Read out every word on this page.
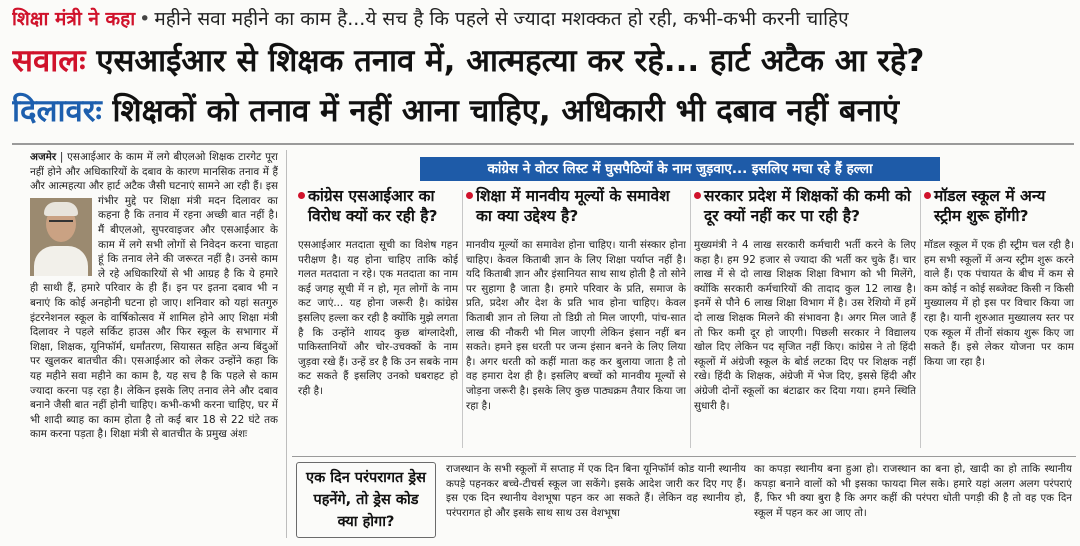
शिक्षा मंत्री ने कहा • महीने सवा महीने का काम है...ये सच है कि पहले से ज्यादा मशक्कत हो रही, कभी-कभी करनी चाहिए
सवालः एसआईआर से शिक्षक तनाव में, आत्महत्या कर रहे... हार्ट अटैक आ रहे?
दिलावरः शिक्षकों को तनाव में नहीं आना चाहिए, अधिकारी भी दबाव नहीं बनाएं
अजमेर | एसआईआर के काम में लगे बीएलओ शिक्षक टारगेट पूरा नहीं होने और अधिकारियों के दबाव के कारण मानसिक तनाव में हैं और आत्महत्या और हार्ट अटैक जैसी घटनाएं सामने आ रही हैं। इस गंभीर मुद्दे पर शिक्षा मंत्री मदन दिलावर का कहना है कि तनाव में रहना अच्छी बात नहीं है। मैं बीएलओ, सुपरवाइजर और एसआईआर के काम में लगे सभी लोगों से निवेदन करना चाहता हूं कि तनाव लेने की जरूरत नहीं है। उनसे काम ले रहे अधिकारियों से भी आग्रह है कि ये हमारे ही साथी हैं, हमारे परिवार के ही हैं। इन पर इतना दबाव भी न बनाएं कि कोई अनहोनी घटना हो जाए। शनिवार को यहां सतगुरु इंटरनेशनल स्कूल के वार्षिकोत्सव में शामिल होने आए शिक्षा मंत्री दिलावर ने पहले सर्किट हाउस और फिर स्कूल के सभागार में शिक्षा, शिक्षक, यूनिफॉर्म, धर्मांतरण, सियासत सहित अन्य बिंदुओं पर खुलकर बातचीत की। एसआईआर को लेकर उन्होंने कहा कि यह महीने सवा महीने का काम है, यह सच है कि पहले से काम ज्यादा करना पड़ रहा है। लेकिन इसके लिए तनाव लेने और दबाव बनाने जैसी बात नहीं होनी चाहिए। कभी-कभी करना चाहिए, घर में भी शादी ब्याह का काम होता है तो कई बार 18 से 22 घंटे तक काम करना पड़ता है। शिक्षा मंत्री से बातचीत के प्रमुख अंशः
कांग्रेस ने वोटर लिस्ट में घुसपैठियों के नाम जुड़वाए... इसलिए मचा रहे हैं हल्ला
कांग्रेस एसआईआर का विरोध क्यों कर रही है?
एसआईआर मतदाता सूची का विशेष गहन परीक्षण है। यह होना चाहिए ताकि कोई गलत मतदाता न रहे। एक मतदाता का नाम कई जगह सूची में न हो, मृत लोगों के नाम कट जाएं... यह होना जरूरी है। कांग्रेस इसलिए हल्ला कर रही है क्योंकि मुझे लगता है कि उन्होंने शायद कुछ बांग्लादेशी, पाकिस्तानियों और चोर-उचक्कों के नाम जुड़वा रखे हैं। उन्हें डर है कि उन सबके नाम कट सकते हैं इसलिए उनको घबराहट हो रही है।
शिक्षा में मानवीय मूल्यों के समावेश का क्या उद्देश्य है?
मानवीय मूल्यों का समावेश होना चाहिए। यानी संस्कार होना चाहिए। केवल किताबी ज्ञान के लिए शिक्षा पर्याप्त नहीं है। यदि किताबी ज्ञान और इंसानियत साथ साथ होती है तो सोने पर सुहागा है जाता है। हमारे परिवार के प्रति, समाज के प्रति, प्रदेश और देश के प्रति भाव होना चाहिए। केवल किताबी ज्ञान तो लिया तो डिग्री तो मिल जाएगी, पांच-सात लाख की नौकरी भी मिल जाएगी लेकिन इंसान नहीं बन सकते। हमने इस धरती पर जन्म इंसान बनने के लिए लिया है। अगर धरती को कहीं माता कह कर बुलाया जाता है तो वह हमारा देश ही है। इसलिए बच्चों को मानवीय मूल्यों से जोड़ना जरूरी है। इसके लिए कुछ पाठ्यक्रम तैयार किया जा रहा है।
सरकार प्रदेश में शिक्षकों की कमी को दूर क्यों नहीं कर पा रही है?
मुख्यमंत्री ने 4 लाख सरकारी कर्मचारी भर्ती करने के लिए कहा है। हम 92 हजार से ज्यादा की भर्ती कर चुके हैं। चार लाख में से दो लाख शिक्षक शिक्षा विभाग को भी मिलेंगे, क्योंकि सरकारी कर्मचारियों की तादाद कुल 12 लाख है। इनमें से पौने 6 लाख शिक्षा विभाग में है। उस रेशियो में हमें दो लाख शिक्षक मिलने की संभावना है। अगर मिल जाते हैं तो फिर कमी दूर हो जाएगी। पिछली सरकार ने विद्यालय खोल दिए लेकिन पद सृजित नहीं किए। कांग्रेस ने तो हिंदी स्कूलों में अंग्रेजी स्कूल के बोर्ड लटका दिए पर शिक्षक नहीं रखे। हिंदी के शिक्षक, अंग्रेजी में भेज दिए, इससे हिंदी और अंग्रेजी दोनों स्कूलों का बंटाढार कर दिया गया। हमने स्थिति सुधारी है।
मॉडल स्कूल में अन्य स्ट्रीम शुरू होंगी?
मॉडल स्कूल में एक ही स्ट्रीम चल रही है। हम सभी स्कूलों में अन्य स्ट्रीम शुरू करने वाले हैं। एक पंचायत के बीच में कम से कम कोई न कोई सब्जेक्ट किसी न किसी मुख्यालय में हो इस पर विचार किया जा रहा है। यानी शुरुआत मुख्यालय स्तर पर एक स्कूल में तीनों संकाय शुरू किए जा सकते हैं। इसे लेकर योजना पर काम किया जा रहा है।
एक दिन परंपरागत ड्रेस पहनेंगे, तो ड्रेस कोड क्या होगा?
राजस्थान के सभी स्कूलों में सप्ताह में एक दिन बिना यूनिफॉर्म कोड यानी स्थानीय कपड़े पहनकर बच्चे-टीचर्स स्कूल जा सकेंगे। इसके आदेश जारी कर दिए गए हैं। इस एक दिन स्थानीय वेशभूषा पहन कर आ सकते हैं। लेकिन वह स्थानीय हो, परंपरागत हो और इसके साथ साथ उस वेशभूषा
का कपड़ा स्थानीय बना हुआ हो। राजस्थान का बना हो, खादी का हो ताकि स्थानीय कपड़ा बनाने वालों को भी इसका फायदा मिल सके। हमारे यहां अलग अलग परंपराएं हैं, फिर भी क्या बुरा है कि अगर कहीं की परंपरा धोती पगड़ी की है तो वह एक दिन स्कूल में पहन कर आ जाए तो।
